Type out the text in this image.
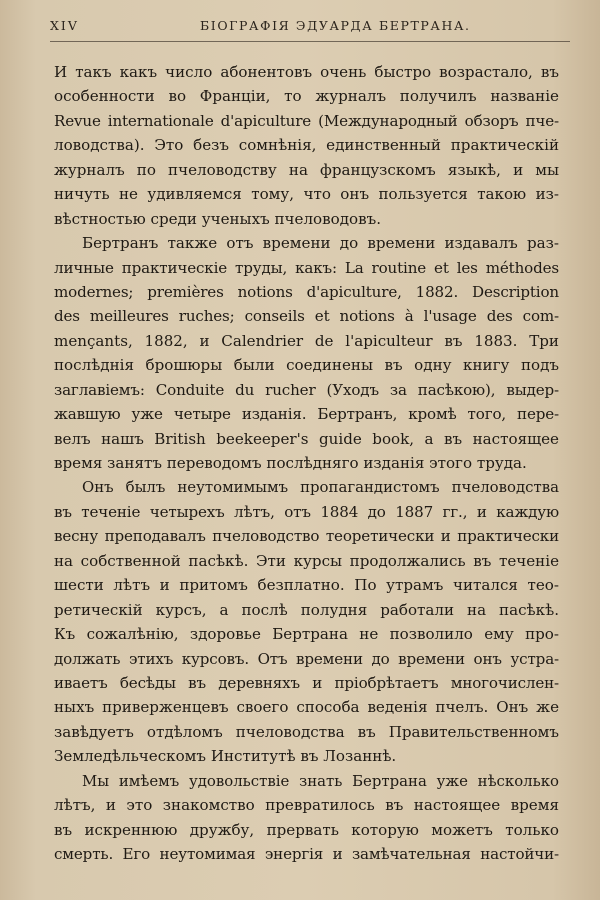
XIV	БІОГРАФІЯ ЭДУАРДА БЕРТРАНА.
И такъ какъ число абонентовъ очень быстро возрастало, въ
особенности во Франціи, то журналъ получилъ названіе
Revue internationale d'apiculture (Международный обзоръ пче-
ловодства). Это безъ сомнѣнія, единственный практическій
журналъ по пчеловодству на французскомъ языкѣ, и мы
ничуть не удивляемся тому, что онъ пользуется такою из-
вѣстностью среди ученыхъ пчеловодовъ.
Бертранъ также отъ времени до времени издавалъ раз-
личные практическіе труды, какъ: La routine et les méthodes
modernes; premières notions d'apiculture, 1882. Description
des meilleures ruches; conseils et notions à l'usage des com-
mençants, 1882, и Calendrier de l'apiculteur въ 1883. Три
послѣднія брошюры были соединены въ одну книгу подъ
заглавіемъ: Conduite du rucher (Уходъ за пасѣкою), выдер-
жавшую уже четыре изданія. Бертранъ, кромѣ того, пере-
велъ нашъ British beekeeper's guide book, а въ настоящее
время занятъ переводомъ послѣдняго изданія этого труда.
Онъ былъ неутомимымъ пропагандистомъ пчеловодства
въ теченіе четырехъ лѣтъ, отъ 1884 до 1887 гг., и каждую
весну преподавалъ пчеловодство теоретически и практически
на собственной пасѣкѣ. Эти курсы продолжались въ теченіе
шести лѣтъ и притомъ безплатно. По утрамъ читался тео-
ретическій курсъ, а послѣ полудня работали на пасѣкѣ.
Къ сожалѣнію, здоровье Бертрана не позволило ему про-
должать этихъ курсовъ. Отъ времени до времени онъ устра-
иваетъ бесѣды въ деревняхъ и пріобрѣтаетъ многочислен-
ныхъ приверженцевъ своего способа веденія пчелъ. Онъ же
завѣдуетъ отдѣломъ пчеловодства въ Правительственномъ
Земледѣльческомъ Институтѣ въ Лозаннѣ.
Мы имѣемъ удовольствіе знать Бертрана уже нѣсколько
лѣтъ, и это знакомство превратилось въ настоящее время
въ искреннюю дружбу, прервать которую можетъ только
смерть. Его неутомимая энергія и замѣчательная настойчи-
